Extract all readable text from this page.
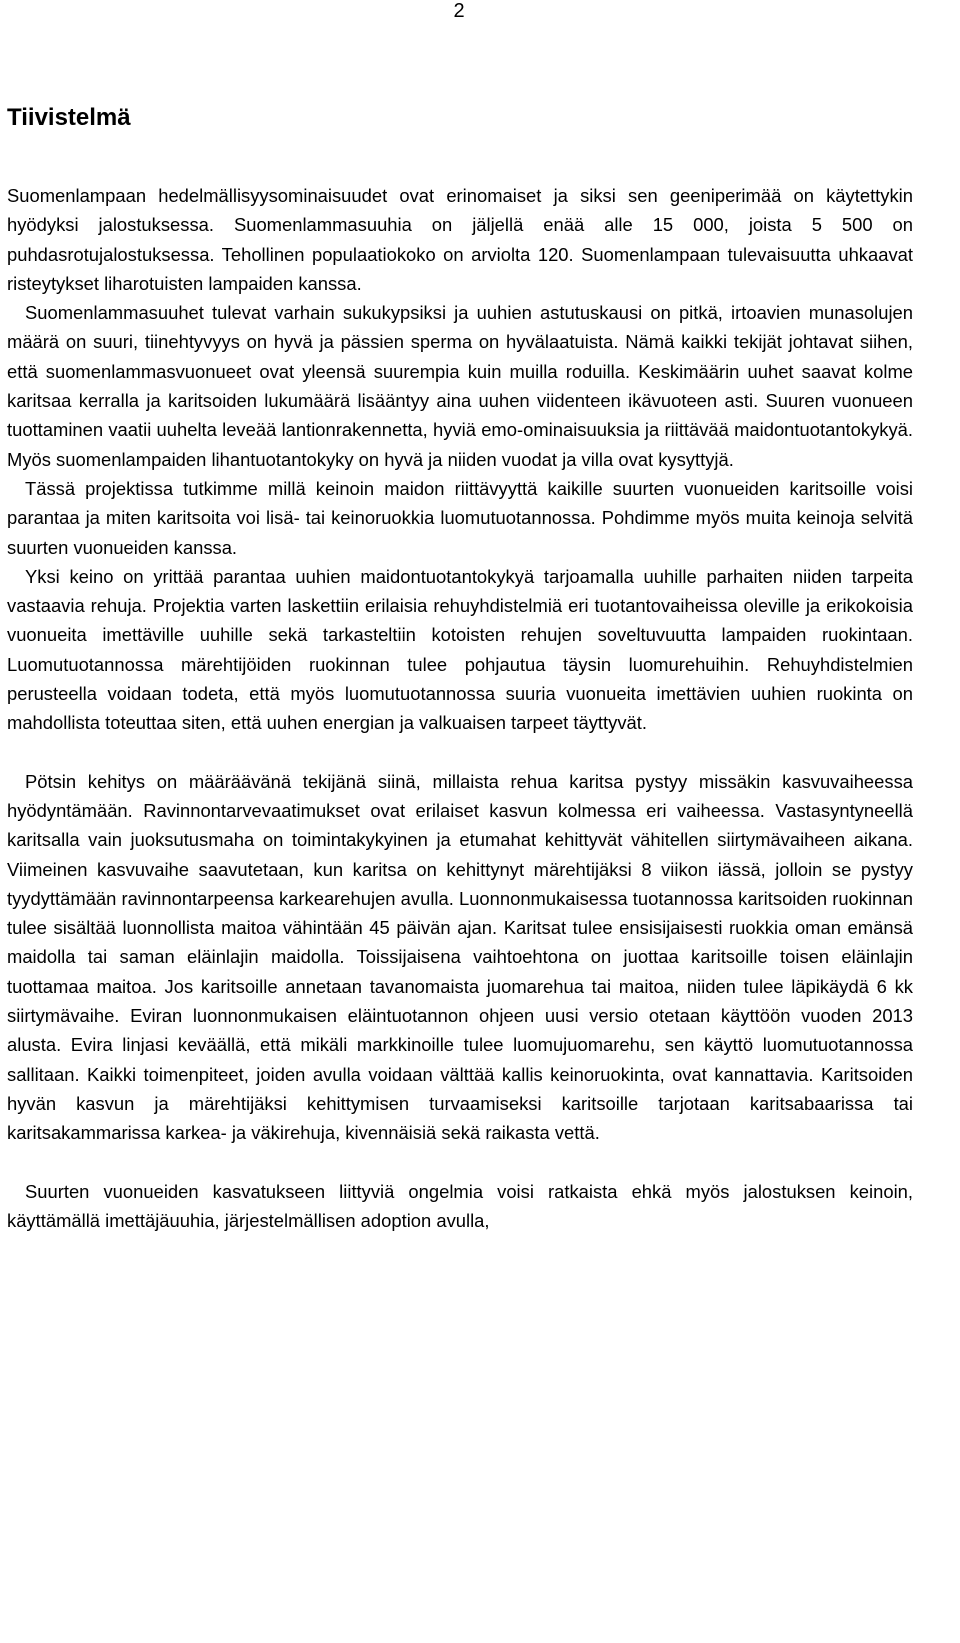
2
Tiivistelmä

Suomenlampaan hedelmällisyysominaisuudet ovat erinomaiset ja siksi sen geeniperimää on käytettykin hyödyksi jalostuksessa. Suomenlammasuuhia on jäljellä enää alle 15 000, joista 5 500 on puhdasrotujalostuksessa. Tehollinen populaatiokoko on arviolta 120. Suomenlampaan tulevaisuutta uhkaavat risteytykset liharotuisten lampaiden kanssa.

Suomenlammasuuhet tulevat varhain sukukypsiksi ja uuhien astutuskausi on pitkä, irtoavien munasolujen määrä on suuri, tiinehtyvyys on hyvä ja pässien sperma on hyvälaatuista. Nämä kaikki tekijät johtavat siihen, että suomenlammasvuonueet ovat yleensä suurempia kuin muilla roduilla. Keskimäärin uuhet saavat kolme karitsaa kerralla ja karitsoiden lukumäärä lisääntyy aina uuhen viidenteen ikävuoteen asti. Suuren vuonueen tuottaminen vaatii uuhelta leveää lantionrakennetta, hyviä emo-ominaisuuksia ja riittävää maidontuotantokykyä. Myös suomenlampaiden lihantuotantokyky on hyvä ja niiden vuodat ja villa ovat kysyttyjä.

Tässä projektissa tutkimme millä keinoin maidon riittävyyttä kaikille suurten vuonueiden karitsoille voisi parantaa ja miten karitsoita voi lisä- tai keinoruokkia luomutuotannossa. Pohdimme myös muita keinoja selvitä suurten vuonueiden kanssa.

Yksi keino on yrittää parantaa uuhien maidontuotantokykyä tarjoamalla uuhille parhaiten niiden tarpeita vastaavia rehuja. Projektia varten laskettiin erilaisia rehuyhdistelmiä eri tuotantovaiheissa oleville ja erikokoisia vuonueita imettäville uuhille sekä tarkasteltiin kotoisten rehujen soveltuvuutta lampaiden ruokintaan. Luomutuotannossa märehtijöiden ruokinnan tulee pohjautua täysin luomurehuihin. Rehuyhdistelmien perusteella voidaan todeta, että myös luomutuotannossa suuria vuonueita imettävien uuhien ruokinta on mahdollista toteuttaa siten, että uuhen energian ja valkuaisen tarpeet täyttyvät.

Pötsin kehitys on määräävänä tekijänä siinä, millaista rehua karitsa pystyy missäkin kasvuvaiheessa hyödyntämään. Ravinnontarvevaatimukset ovat erilaiset kasvun kolmessa eri vaiheessa. Vastasyntyneellä karitsalla vain juoksutusmaha on toimintakykyinen ja etumahat kehittyvät vähitellen siirtymävaiheen aikana. Viimeinen kasvuvaihe saavutetaan, kun karitsa on kehittynyt märehtijäksi 8 viikon iässä, jolloin se pystyy tyydyttämään ravinnontarpeensa karkearehujen avulla. Luonnonmukaisessa tuotannossa karitsoiden ruokinnan tulee sisältää luonnollista maitoa vähintään 45 päivän ajan. Karitsat tulee ensisijaisesti ruokkia oman emänsä maidolla tai saman eläinlajin maidolla. Toissijaisena vaihtoehtona on juottaa karitsoille toisen eläinlajin tuottamaa maitoa. Jos karitsoille annetaan tavanomaista juomarehua tai maitoa, niiden tulee läpikäydä 6 kk siirtymävaihe. Eviran luonnonmukaisen eläintuotannon ohjeen uusi versio otetaan käyttöön vuoden 2013 alusta. Evira linjasi keväällä, että mikäli markkinoille tulee luomujuomarehu, sen käyttö luomutuotannossa sallitaan. Kaikki toimenpiteet, joiden avulla voidaan välttää kallis keinoruokinta, ovat kannattavia. Karitsoiden hyvän kasvun ja märehtijäksi kehittymisen turvaamiseksi karitsoille tarjotaan karitsabaarissa tai karitsakammarissa karkea- ja väkirehuja, kivennäisiä sekä raikasta vettä.

Suurten vuonueiden kasvatukseen liittyviä ongelmia voisi ratkaista ehkä myös jalostuksen keinoin, käyttämällä imettäjäuuhia, järjestelmällisen adoption avulla,
